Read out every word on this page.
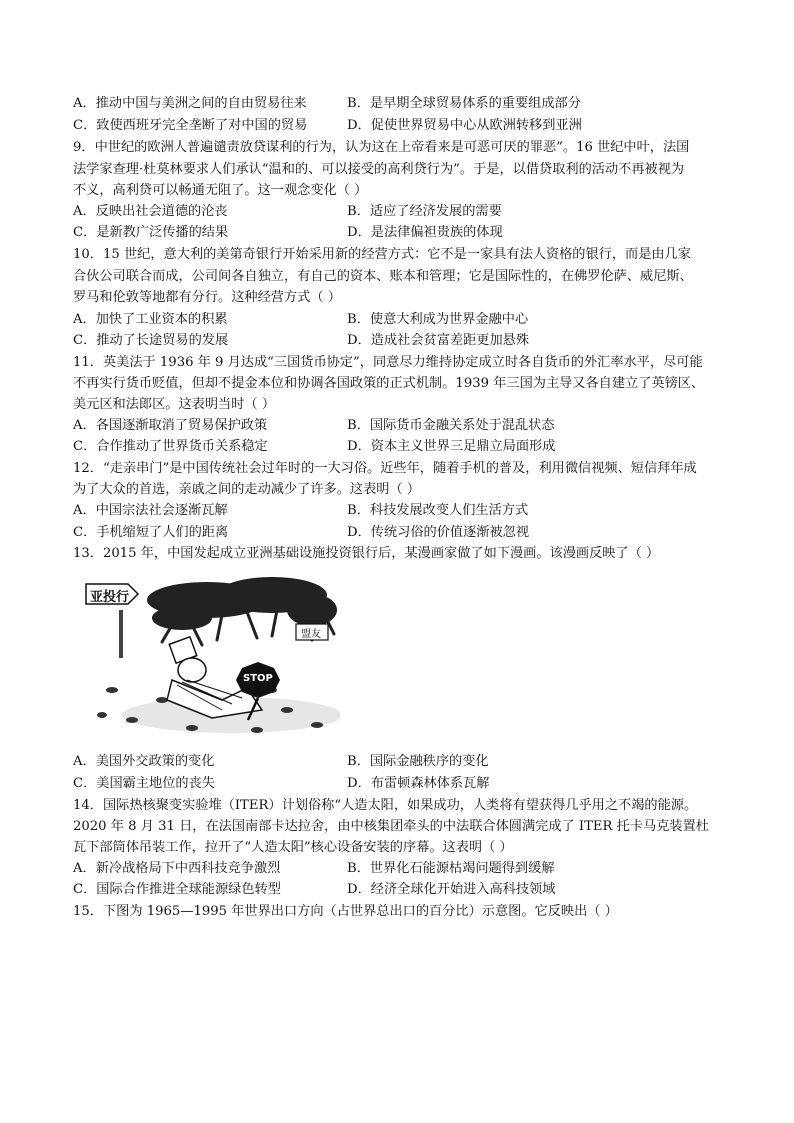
A．推动中国与美洲之间的自由贸易往来	B．是早期全球贸易体系的重要组成部分
C．致使西班牙完全垄断了对中国的贸易	D．促使世界贸易中心从欧洲转移到亚洲
9．中世纪的欧洲人普遍谴责放贷谋利的行为，认为这在上帝看来是可恶可厌的罪恶”。16 世纪中叶，法国
法学家查理·杜莫林要求人们承认“温和的、可以接受的高利贷行为”。于是，以借贷取利的活动不再被视为
不义，高利贷可以畅通无阻了。这一观念变化（ ）
A．反映出社会道德的沦丧	B．适应了经济发展的需要
C．是新教广泛传播的结果	D．是法律偏袒贵族的体现
10．15 世纪，意大利的美第奇银行开始采用新的经营方式：它不是一家具有法人资格的银行，而是由几家
合伙公司联合而成，公司间各自独立，有自己的资本、账本和管理；它是国际性的，在佛罗伦萨、威尼斯、
罗马和伦敦等地都有分行。这种经营方式（ ）
A．加快了工业资本的积累	B．使意大利成为世界金融中心
C．推动了长途贸易的发展	D．造成社会贫富差距更加悬殊
11．英美法于 1936 年 9 月达成“三国货币协定”，同意尽力维持协定成立时各自货币的外汇率水平，尽可能
不再实行货币贬值，但却不提金本位和协调各国政策的正式机制。1939 年三国为主导又各自建立了英镑区、
美元区和法郎区。这表明当时（ ）
A．各国逐渐取消了贸易保护政策	B．国际货币金融关系处于混乱状态
C．合作推动了世界货币关系稳定	D．资本主义世界三足鼎立局面形成
12．“走亲串门”是中国传统社会过年时的一大习俗。近些年，随着手机的普及，利用微信视频、短信拜年成
为了大众的首选，亲戚之间的走动减少了许多。这表明（ ）
A．中国宗法社会逐渐瓦解	B．科技发展改变人们生活方式
C．手机缩短了人们的距离	D．传统习俗的价值逐渐被忽视
13．2015 年，中国发起成立亚洲基础设施投资银行后，某漫画家做了如下漫画。该漫画反映了（ ）
亚投行
盟友
STOP
A．美国外交政策的变化	B．国际金融秩序的变化
C．美国霸主地位的丧失	D．布雷顿森林体系瓦解
14．国际热核聚变实验堆（ITER）计划俗称“人造太阳，如果成功，人类将有望获得几乎用之不竭的能源。
2020 年 8 月 31 日，在法国南部卡达拉舍，由中核集团牵头的中法联合体圆满完成了 ITER 托卡马克装置杜
瓦下部筒体吊装工作，拉开了“人造太阳”核心设备安装的序幕。这表明（ ）
A．新冷战格局下中西科技竞争激烈	B．世界化石能源枯竭问题得到缓解
C．国际合作推进全球能源绿色转型	D．经济全球化开始进入高科技领域
15．下图为 1965—1995 年世界出口方向（占世界总出口的百分比）示意图。它反映出（ ）
